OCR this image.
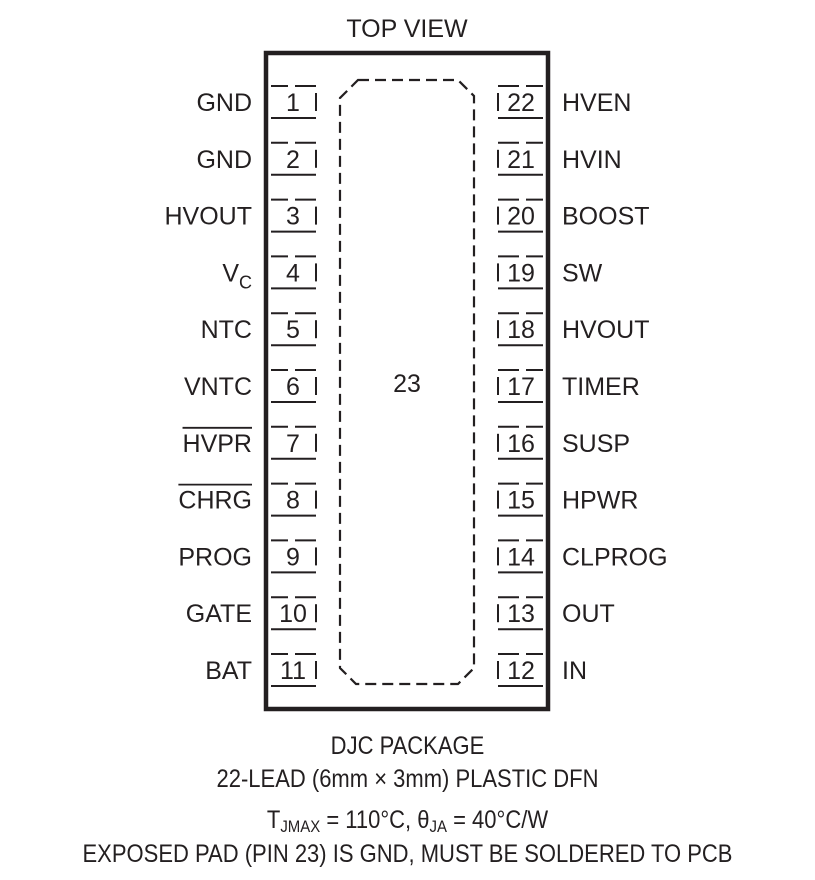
TOP VIEW
23
1
GND
2
GND
3
HVOUT
4
$V_C$
5
NTC
6
VNTC
7
HVPR
8
CHRG
9
PROG
10
GATE
11
BAT
22 HVEN
21 HVIN
20 BOOST
19 SW
18 HVOUT
17 TIMER
16 SUSP
15 HPWR
14 CLPROG
13 OUT
12 IN
DJC PACKAGE
22-LEAD (6mm × 3mm) PLASTIC DFN
$T_{JMAX} = 110^\circ C$, $\theta_{JA} = 40^\circ C/W$
EXPOSED PAD (PIN 23) IS GND, MUST BE SOLDERED TO PCB
